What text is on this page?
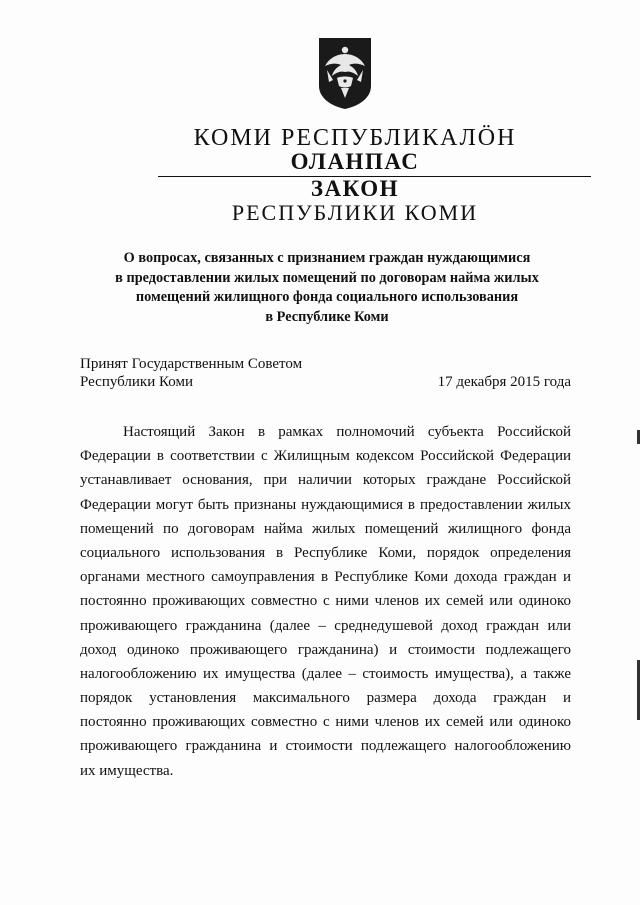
КОМИ РЕСПУБЛИКАЛÖН
ОЛАНПАС
ЗАКОН
РЕСПУБЛИКИ КОМИ
О вопросах, связанных с признанием граждан нуждающимися
в предоставлении жилых помещений по договорам найма жилых
помещений жилищного фонда социального использования
в Республике Коми
Принят Государственным Советом
Республики Коми	17 декабря 2015 года
Настоящий Закон в рамках полномочий субъекта Российской
Федерации в соответствии с Жилищным кодексом Российской Федерации
устанавливает основания, при наличии которых граждане Российской
Федерации могут быть признаны нуждающимися в предоставлении жилых
помещений по договорам найма жилых помещений жилищного фонда
социального использования в Республике Коми, порядок определения
органами местного самоуправления в Республике Коми дохода граждан и
постоянно проживающих совместно с ними членов их семей или одиноко
проживающего гражданина (далее – среднедушевой доход граждан или
доход одиноко проживающего гражданина) и стоимости подлежащего
налогообложению их имущества (далее – стоимость имущества), а также
порядок установления максимального размера дохода граждан и
постоянно проживающих совместно с ними членов их семей или одиноко
проживающего гражданина и стоимости подлежащего налогообложению
их имущества.
